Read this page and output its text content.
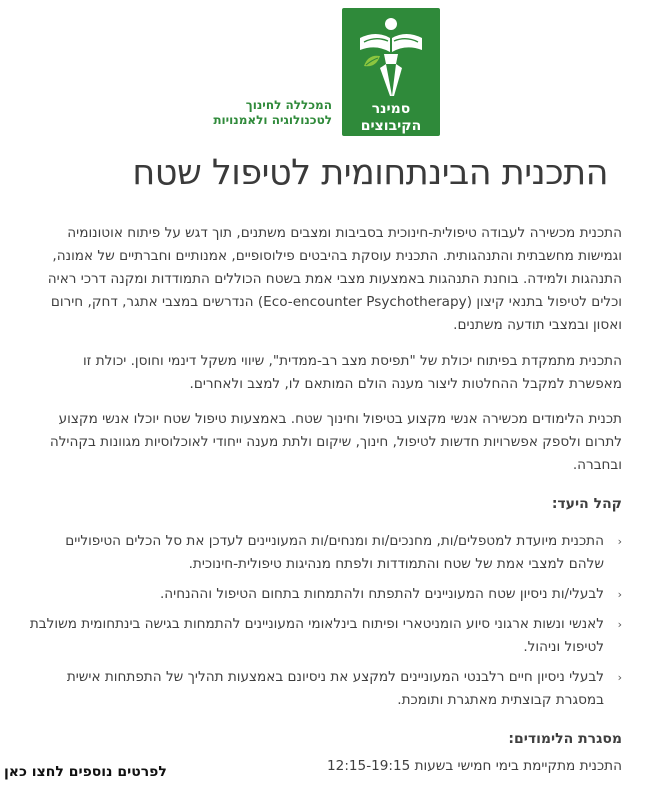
סמינר
הקיבוצים
המכללה לחינוך
לטכנולוגיה ולאמנויות
התכנית הבינתחומית לטיפול שטח

התכנית מכשירה לעבודה טיפולית-חינוכית בסביבות ומצבים משתנים, תוך דגש על פיתוח אוטונומיה וגמישות מחשבתית והתנהגותית. התכנית עוסקת בהיבטים פילוסופיים, אמנותיים וחברתיים של אמונה, התנהגות ולמידה. בוחנת התנהגות באמצעות מצבי אמת בשטח הכוללים התמודדות ומקנה דרכי ראיה וכלים לטיפול בתנאי קיצון (Eco-encounter Psychotherapy) הנדרשים במצבי אתגר, דחק, חירום ואסון ובמצבי תודעה משתנים.

התכנית מתמקדת בפיתוח יכולת של "תפיסת מצב רב-ממדית", שיווי משקל דינמי וחוסן. יכולת זו מאפשרת למקבל ההחלטות ליצור מענה הולם המותאם לו, למצב ולאחרים.

תכנית הלימודים מכשירה אנשי מקצוע בטיפול וחינוך שטח. באמצעות טיפול שטח יוכלו אנשי מקצוע לתרום ולספק אפשרויות חדשות לטיפול, חינוך, שיקום ולתת מענה ייחודי לאוכלוסיות מגוונות בקהילה ובחברה.

קהל היעד:
‹
התכנית מיועדת למטפלים/ות, מחנכים/ות ומנחים/ות המעוניינים לעדכן את סל הכלים הטיפוליים שלהם למצבי אמת של שטח והתמודדות ולפתח מנהיגות טיפולית-חינוכית.
‹
לבעלי/ות ניסיון שטח המעוניינים להתפתח ולהתמחות בתחום הטיפול וההנחיה.
‹
לאנשי ונשות ארגוני סיוע הומניטארי ופיתוח בינלאומי המעוניינים להתמחות בגישה בינתחומית משולבת לטיפול וניהול.
‹
לבעלי ניסיון חיים רלבנטי המעוניינים למקצע את ניסיונם באמצעות תהליך של התפתחות אישית במסגרת קבוצתית מאתגרת ותומכת.
מסגרת הלימודים:

התכנית מתקיימת בימי חמישי בשעות 12:15-19:15

לפרטים נוספים לחצו כאן
